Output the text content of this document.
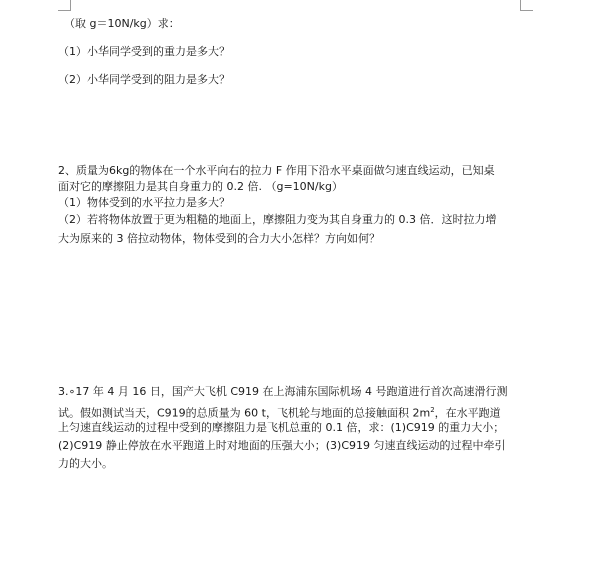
（取 g＝10N/kg）求：
（1）小华同学受到的重力是多大？
（2）小华同学受到的阻力是多大？
2、质量为6kg的物体在一个水平向右的拉力 F 作用下沿水平桌面做匀速直线运动，已知桌
面对它的摩擦阻力是其自身重力的 0.2 倍. （g=10N/kg）
（1）物体受到的水平拉力是多大？
（2）若将物体放置于更为粗糙的地面上，摩擦阻力变为其自身重力的 0.3 倍．这时拉力增
大为原来的 3 倍拉动物体，物体受到的合力大小怎样？方向如何？
3.∘17 年 4 月 16 日，国产大飞机 C919 在上海浦东国际机场 4 号跑道进行首次高速滑行测
试。假如测试当天，C919的总质量为 60 t，飞机轮与地面的总接触面积 $2m^2$，在水平跑道
上匀速直线运动的过程中受到的摩擦阻力是飞机总重的 0.1 倍，求：(1)C919 的重力大小；
(2)C919 静止停放在水平跑道上时对地面的压强大小；(3)C919 匀速直线运动的过程中牵引
力的大小。
